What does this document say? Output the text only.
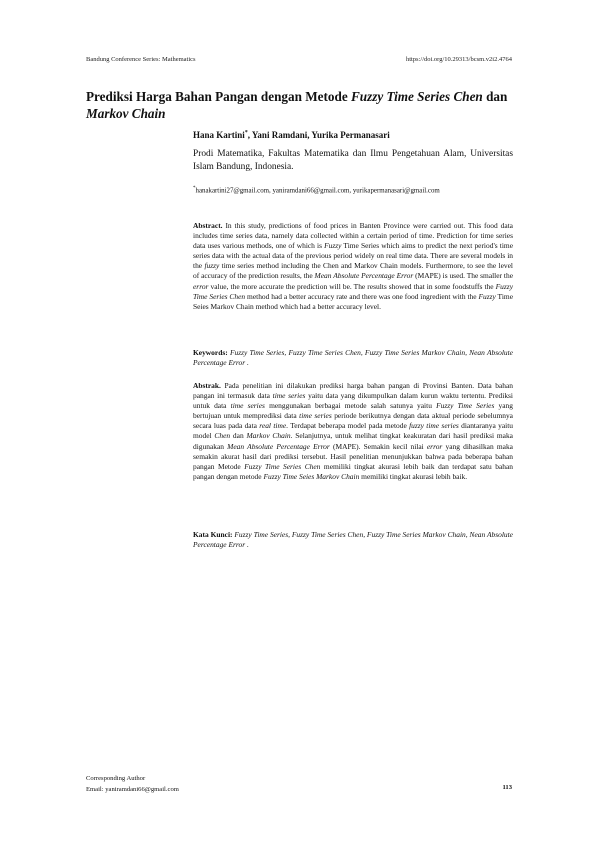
Bandung Conference Series: Mathematics	https://doi.org/10.29313/bcsm.v2i2.4764
Prediksi Harga Bahan Pangan dengan Metode Fuzzy Time Series Chen dan Markov Chain
Hana Kartini*, Yani Ramdani, Yurika Permanasari
Prodi Matematika, Fakultas Matematika dan Ilmu Pengetahuan Alam, Universitas Islam Bandung, Indonesia.
*hanakartini27@gmail.com, yaniramdani66@gmail.com, yurikapermanasari@gmail.com
Abstract. In this study, predictions of food prices in Banten Province were carried out. This food data includes time series data, namely data collected within a certain period of time. Prediction for time series data uses various methods, one of which is Fuzzy Time Series which aims to predict the next period's time series data with the actual data of the previous period widely on real time data. There are several models in the fuzzy time series method including the Chen and Markov Chain models. Furthermore, to see the level of accuracy of the prediction results, the Mean Absolute Percentage Error (MAPE) is used. The smaller the error value, the more accurate the prediction will be. The results showed that in some foodstuffs the Fuzzy Time Series Chen method had a better accuracy rate and there was one food ingredient with the Fuzzy Time Seies Markov Chain method which had a better accuracy level.
Keywords: Fuzzy Time Series, Fuzzy Time Series Chen, Fuzzy Time Series Markov Chain, Nean Absolute Percentage Error .
Abstrak. Pada penelitian ini dilakukan prediksi harga bahan pangan di Provinsi Banten. Data bahan pangan ini termasuk data time series yaitu data yang dikumpulkan dalam kurun waktu tertentu. Prediksi untuk data time series menggunakan berbagai metode salah satunya yaitu Fuzzy Time Series yang bertujuan untuk memprediksi data time series periode berikutnya dengan data aktual periode sebelumnya secara luas pada data real time. Terdapat beberapa model pada metode fuzzy time series diantaranya yaitu model Chen dan Markov Chain. Selanjutnya, untuk melihat tingkat keakuratan dari hasil prediksi maka digunakan Mean Absolute Percentage Error (MAPE). Semakin kecil nilai error yang dihasilkan maka semakin akurat hasil dari prediksi tersebut. Hasil penelitian menunjukkan bahwa pada beberapa bahan pangan Metode Fuzzy Time Series Chen memiliki tingkat akurasi lebih baik dan terdapat satu bahan pangan dengan metode Fuzzy Time Seies Markov Chain memiliki tingkat akurasi lebih baik.
Kata Kunci: Fuzzy Time Series, Fuzzy Time Series Chen, Fuzzy Time Series Markov Chain, Nean Absolute Percentage Error .
Corresponding Author
Email: yaniramdani66@gmail.com	113
